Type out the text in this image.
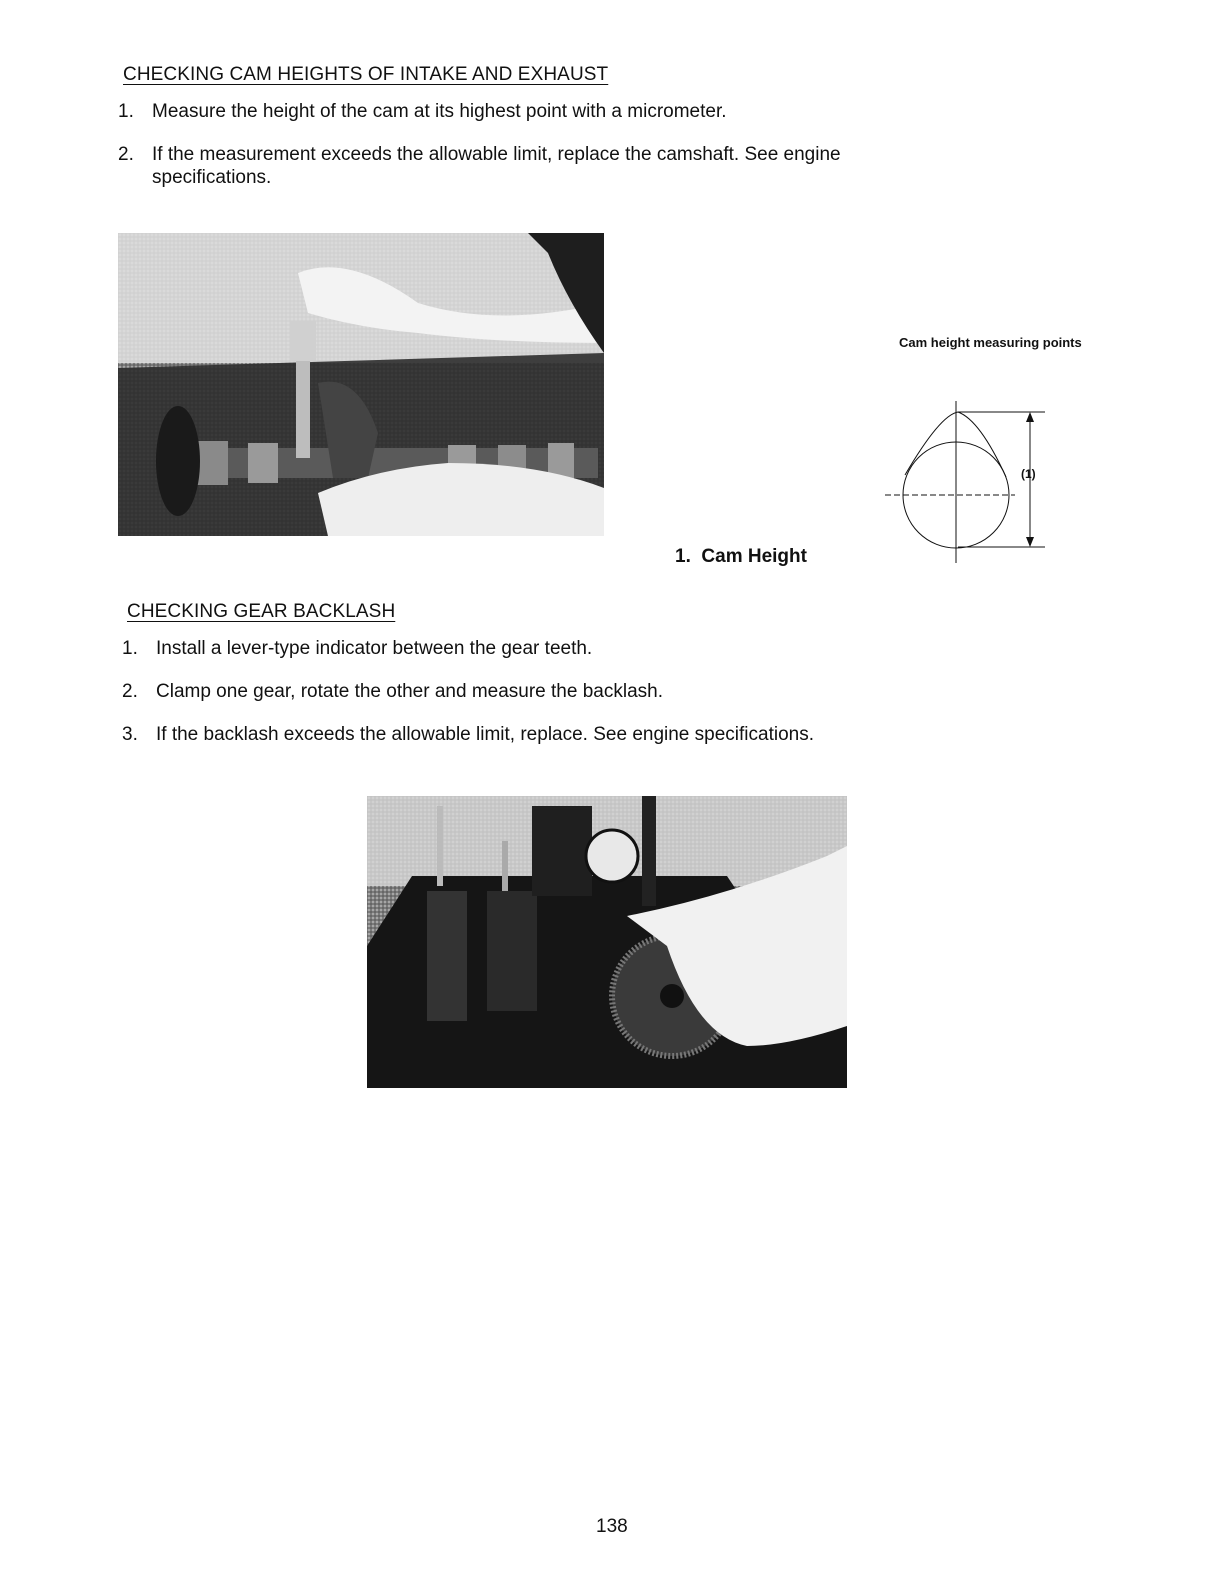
CHECKING CAM HEIGHTS OF INTAKE AND EXHAUST
1. Measure the height of the cam at its highest point with a micrometer.
2. If the measurement exceeds the allowable limit, replace the camshaft. See engine
specifications.
Cam height measuring points
(1)
1.  Cam Height
CHECKING GEAR BACKLASH
1. Install a lever-type indicator between the gear teeth.
2. Clamp one gear, rotate the other and measure the backlash.
3. If the backlash exceeds the allowable limit, replace. See engine specifications.
138
